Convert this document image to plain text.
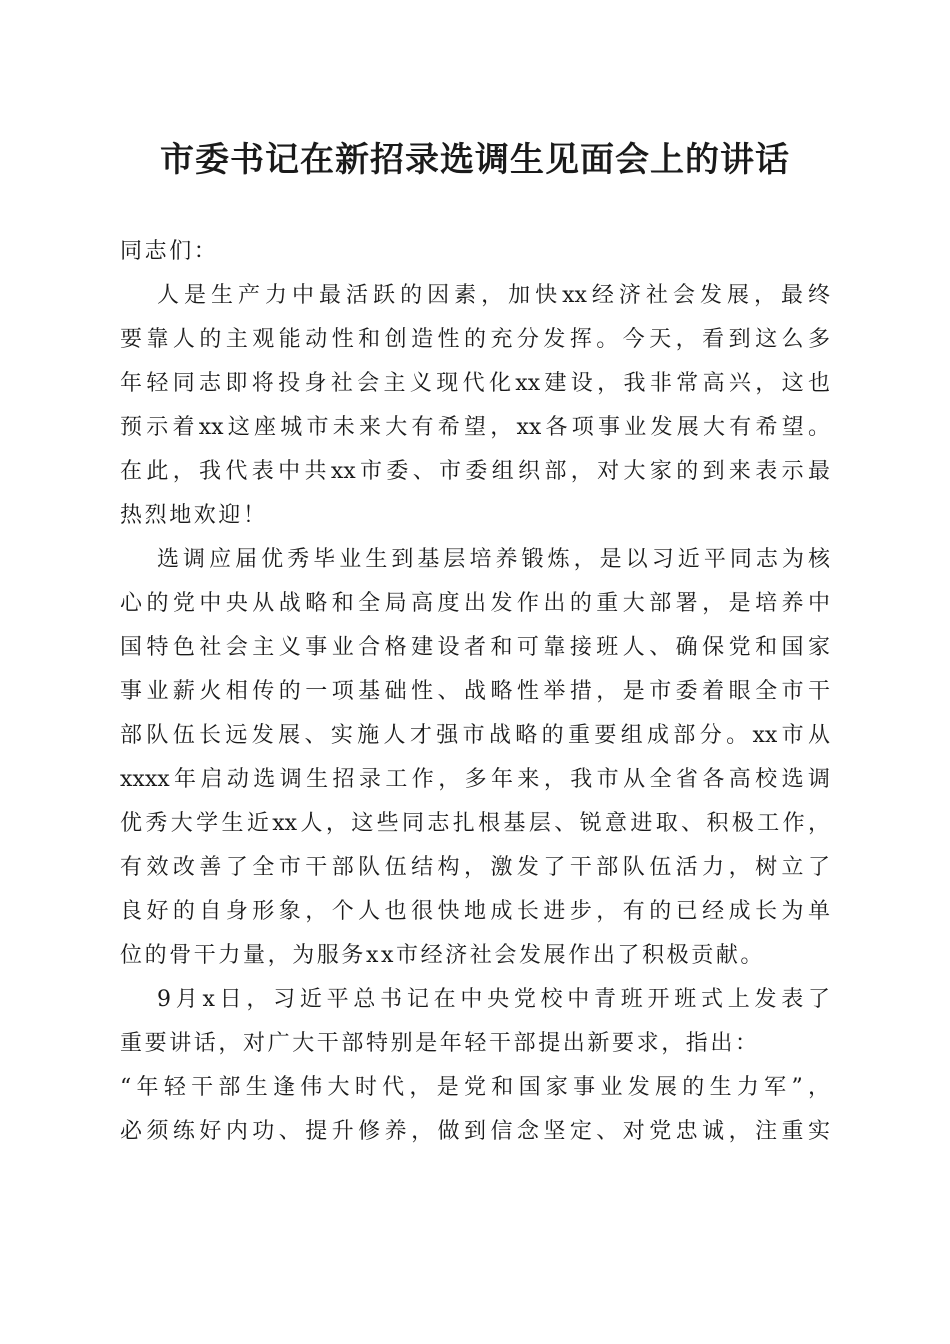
市委书记在新招录选调生见面会上的讲话
同志们：
人是生产力中最活跃的因素，加快xx经济社会发展，最终
要靠人的主观能动性和创造性的充分发挥。今天，看到这么多
年轻同志即将投身社会主义现代化xx建设，我非常高兴，这也
预示着xx这座城市未来大有希望，xx各项事业发展大有希望。
在此，我代表中共xx市委、市委组织部，对大家的到来表示最
热烈地欢迎！
选调应届优秀毕业生到基层培养锻炼，是以习近平同志为核
心的党中央从战略和全局高度出发作出的重大部署，是培养中
国特色社会主义事业合格建设者和可靠接班人、确保党和国家
事业薪火相传的一项基础性、战略性举措，是市委着眼全市干
部队伍长远发展、实施人才强市战略的重要组成部分。xx市从
xxxx年启动选调生招录工作，多年来，我市从全省各高校选调
优秀大学生近xx人，这些同志扎根基层、锐意进取、积极工作，
有效改善了全市干部队伍结构，激发了干部队伍活力，树立了
良好的自身形象，个人也很快地成长进步，有的已经成长为单
位的骨干力量，为服务xx市经济社会发展作出了积极贡献。
9月x日，习近平总书记在中央党校中青班开班式上发表了
重要讲话，对广大干部特别是年轻干部提出新要求，指出：
“年轻干部生逢伟大时代，是党和国家事业发展的生力军”，
必须练好内功、提升修养，做到信念坚定、对党忠诚，注重实
